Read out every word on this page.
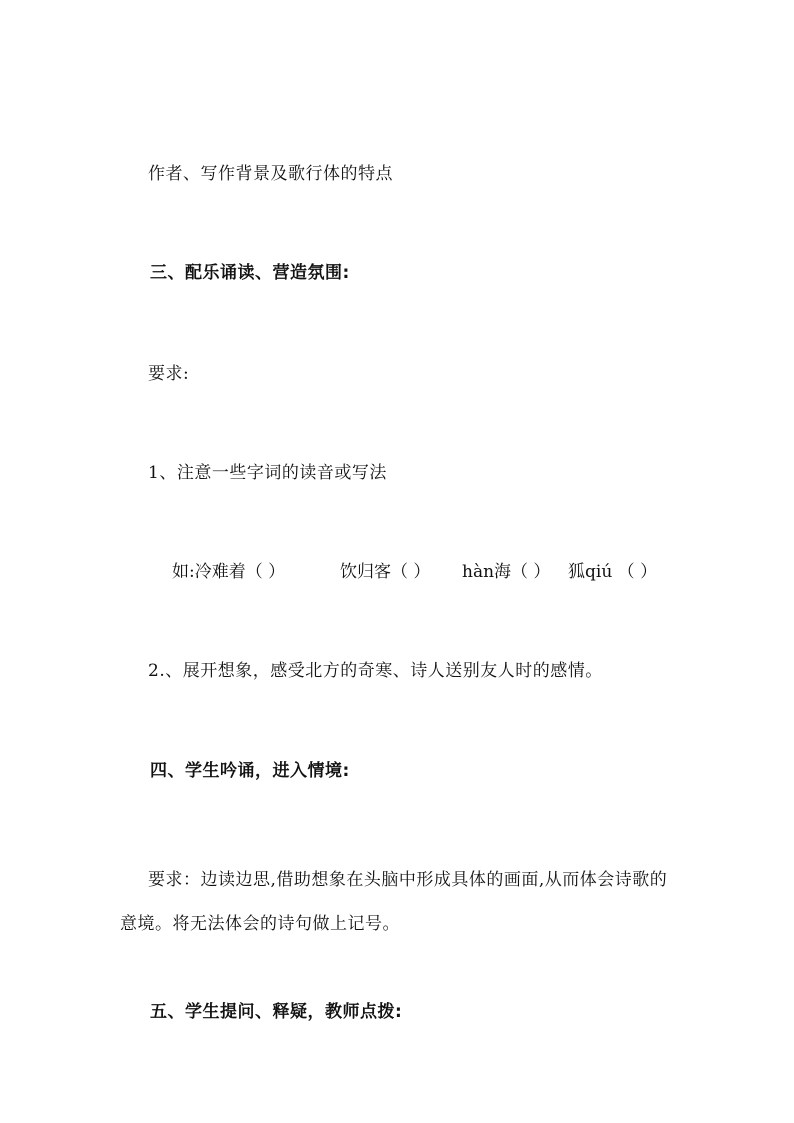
作者、写作背景及歌行体的特点
三、配乐诵读、营造氛围:
要求:
1、注意一些字词的读音或写法
如:冷难着（ ）	饮归客（ ） hàn海（ ） 狐qiú （ ）
2.、展开想象，感受北方的奇寒、诗人送别友人时的感情。
四、学生吟诵，进入情境:
要求：边读边思,借助想象在头脑中形成具体的画面,从而体会诗歌的意境。将无法体会的诗句做上记号。
五、学生提问、释疑，教师点拨:
